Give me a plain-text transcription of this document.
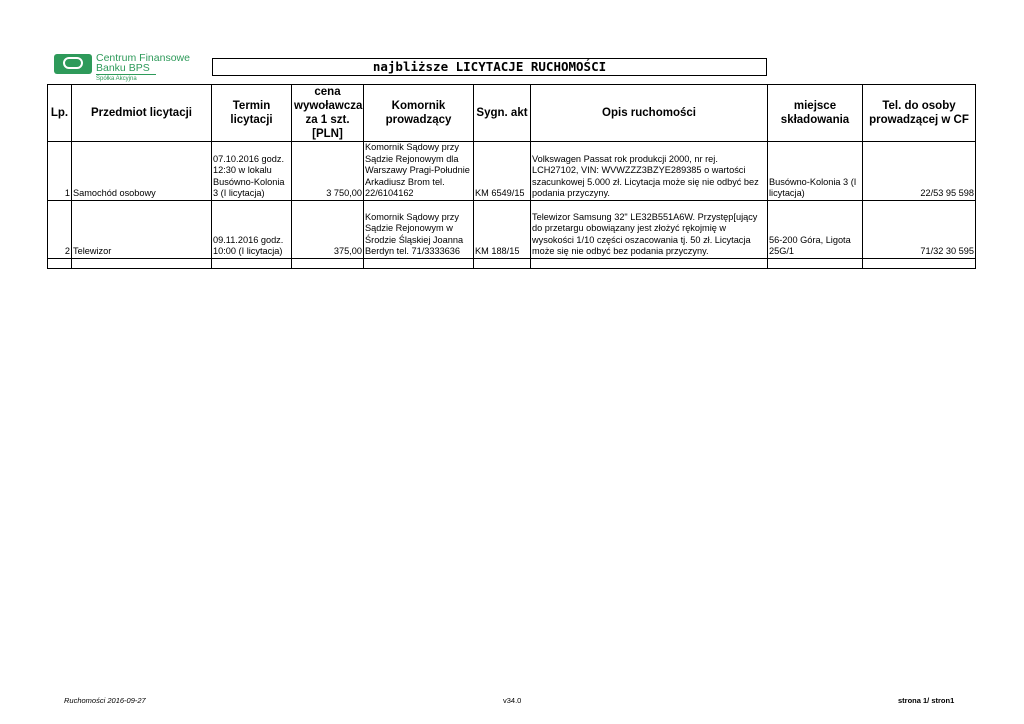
Centrum Finansowe
Banku BPS
Spółka Akcyjna
najbliższe LICYTACJE RUCHOMOŚCI
Lp.	Przedmiot licytacji	Termin licytacji	cena wywoławcza za 1 szt. [PLN]	Komornik prowadzący	Sygn. akt	Opis ruchomości	miejsce składowania	Tel. do osoby prowadzącej w CF
1	Samochód osobowy	07.10.2016 godz. 12:30 w lokalu Busówno-Kolonia 3 (I licytacja)	3 750,00	Komornik Sądowy przy Sądzie Rejonowym dla Warszawy Pragi-Południe Arkadiusz Brom tel. 22/6104162	KM 6549/15	Volkswagen Passat rok produkcji 2000, nr rej. LCH27102, VIN: WVWZZZ3BZYE289385 o wartości szacunkowej 5.000 zł. Licytacja może się nie odbyć bez podania przyczyny.	Busówno-Kolonia 3 (I licytacja)	22/53 95 598
2	Telewizor	09.11.2016 godz. 10:00 (I licytacja)	375,00	Komornik Sądowy przy Sądzie Rejonowym w Środzie Śląskiej Joanna Berdyn tel. 71/3333636	KM 188/15	Telewizor Samsung 32" LE32B551A6W. Przystęp[ujący do przetargu obowiązany jest złożyć rękojmię w wysokości 1/10 części oszacowania tj. 50 zł. Licytacja może się nie odbyć bez podania przyczyny.	56-200 Góra, Ligota 25G/1	71/32 30 595

Ruchomości 2016-09-27	v34.0	strona 1/ stron1
